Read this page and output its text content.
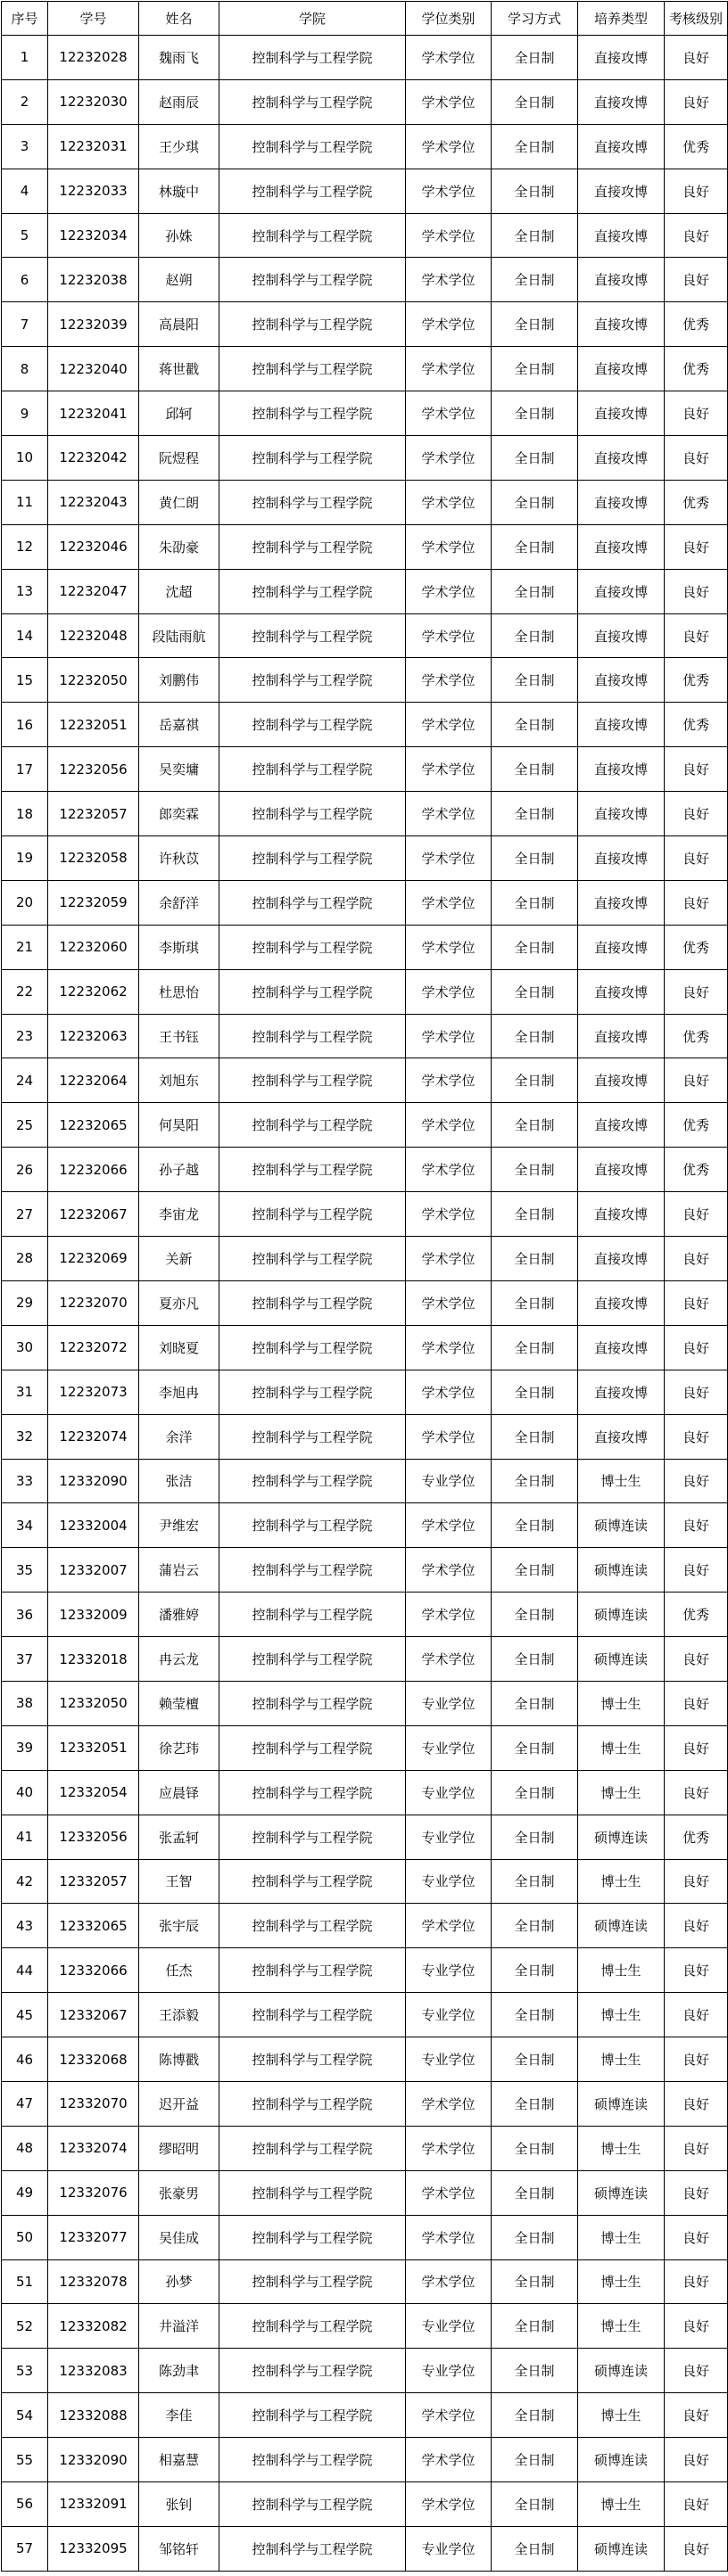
序号	学号	姓名	学院	学位类别	学习方式	培养类型	考核级别
1	12232028	魏雨飞	控制科学与工程学院	学术学位	全日制	直接攻博	良好
2	12232030	赵雨辰	控制科学与工程学院	学术学位	全日制	直接攻博	良好
3	12232031	王少琪	控制科学与工程学院	学术学位	全日制	直接攻博	优秀
4	12232033	林璇中	控制科学与工程学院	学术学位	全日制	直接攻博	良好
5	12232034	孙姝	控制科学与工程学院	学术学位	全日制	直接攻博	良好
6	12232038	赵朔	控制科学与工程学院	学术学位	全日制	直接攻博	良好
7	12232039	高晨阳	控制科学与工程学院	学术学位	全日制	直接攻博	优秀
8	12232040	蒋世戳	控制科学与工程学院	学术学位	全日制	直接攻博	优秀
9	12232041	邱轲	控制科学与工程学院	学术学位	全日制	直接攻博	良好
10	12232042	阮煜程	控制科学与工程学院	学术学位	全日制	直接攻博	良好
11	12232043	黄仁朗	控制科学与工程学院	学术学位	全日制	直接攻博	优秀
12	12232046	朱劭豪	控制科学与工程学院	学术学位	全日制	直接攻博	良好
13	12232047	沈超	控制科学与工程学院	学术学位	全日制	直接攻博	良好
14	12232048	段陆雨航	控制科学与工程学院	学术学位	全日制	直接攻博	良好
15	12232050	刘鹏伟	控制科学与工程学院	学术学位	全日制	直接攻博	优秀
16	12232051	岳嘉祺	控制科学与工程学院	学术学位	全日制	直接攻博	优秀
17	12232056	吴奕墉	控制科学与工程学院	学术学位	全日制	直接攻博	良好
18	12232057	郎奕霖	控制科学与工程学院	学术学位	全日制	直接攻博	良好
19	12232058	许秋苡	控制科学与工程学院	学术学位	全日制	直接攻博	良好
20	12232059	余舒洋	控制科学与工程学院	学术学位	全日制	直接攻博	良好
21	12232060	李斯琪	控制科学与工程学院	学术学位	全日制	直接攻博	优秀
22	12232062	杜思怡	控制科学与工程学院	学术学位	全日制	直接攻博	良好
23	12232063	王书钰	控制科学与工程学院	学术学位	全日制	直接攻博	优秀
24	12232064	刘旭东	控制科学与工程学院	学术学位	全日制	直接攻博	良好
25	12232065	何昊阳	控制科学与工程学院	学术学位	全日制	直接攻博	优秀
26	12232066	孙子越	控制科学与工程学院	学术学位	全日制	直接攻博	优秀
27	12232067	李宙龙	控制科学与工程学院	学术学位	全日制	直接攻博	良好
28	12232069	关新	控制科学与工程学院	学术学位	全日制	直接攻博	良好
29	12232070	夏亦凡	控制科学与工程学院	学术学位	全日制	直接攻博	良好
30	12232072	刘晓夏	控制科学与工程学院	学术学位	全日制	直接攻博	良好
31	12232073	李旭冉	控制科学与工程学院	学术学位	全日制	直接攻博	良好
32	12232074	余洋	控制科学与工程学院	学术学位	全日制	直接攻博	良好
33	12332090	张洁	控制科学与工程学院	专业学位	全日制	博士生	良好
34	12332004	尹维宏	控制科学与工程学院	学术学位	全日制	硕博连读	良好
35	12332007	蒲岩云	控制科学与工程学院	学术学位	全日制	硕博连读	良好
36	12332009	潘雅婷	控制科学与工程学院	学术学位	全日制	硕博连读	优秀
37	12332018	冉云龙	控制科学与工程学院	学术学位	全日制	硕博连读	良好
38	12332050	赖莹檀	控制科学与工程学院	专业学位	全日制	博士生	良好
39	12332051	徐艺玮	控制科学与工程学院	专业学位	全日制	博士生	良好
40	12332054	应晨铎	控制科学与工程学院	专业学位	全日制	博士生	良好
41	12332056	张孟轲	控制科学与工程学院	专业学位	全日制	硕博连读	优秀
42	12332057	王智	控制科学与工程学院	专业学位	全日制	博士生	良好
43	12332065	张宇辰	控制科学与工程学院	学术学位	全日制	硕博连读	良好
44	12332066	任杰	控制科学与工程学院	专业学位	全日制	博士生	良好
45	12332067	王添毅	控制科学与工程学院	专业学位	全日制	博士生	良好
46	12332068	陈博戳	控制科学与工程学院	专业学位	全日制	博士生	良好
47	12332070	迟开益	控制科学与工程学院	学术学位	全日制	硕博连读	良好
48	12332074	缪昭明	控制科学与工程学院	学术学位	全日制	博士生	良好
49	12332076	张豪男	控制科学与工程学院	学术学位	全日制	硕博连读	良好
50	12332077	吴佳成	控制科学与工程学院	学术学位	全日制	博士生	良好
51	12332078	孙梦	控制科学与工程学院	学术学位	全日制	博士生	良好
52	12332082	井溢洋	控制科学与工程学院	专业学位	全日制	博士生	良好
53	12332083	陈劲聿	控制科学与工程学院	专业学位	全日制	硕博连读	良好
54	12332088	李佳	控制科学与工程学院	学术学位	全日制	博士生	良好
55	12332090	相嘉慧	控制科学与工程学院	学术学位	全日制	硕博连读	良好
56	12332091	张钊	控制科学与工程学院	学术学位	全日制	博士生	良好
57	12332095	邹铭轩	控制科学与工程学院	专业学位	全日制	硕博连读	良好
